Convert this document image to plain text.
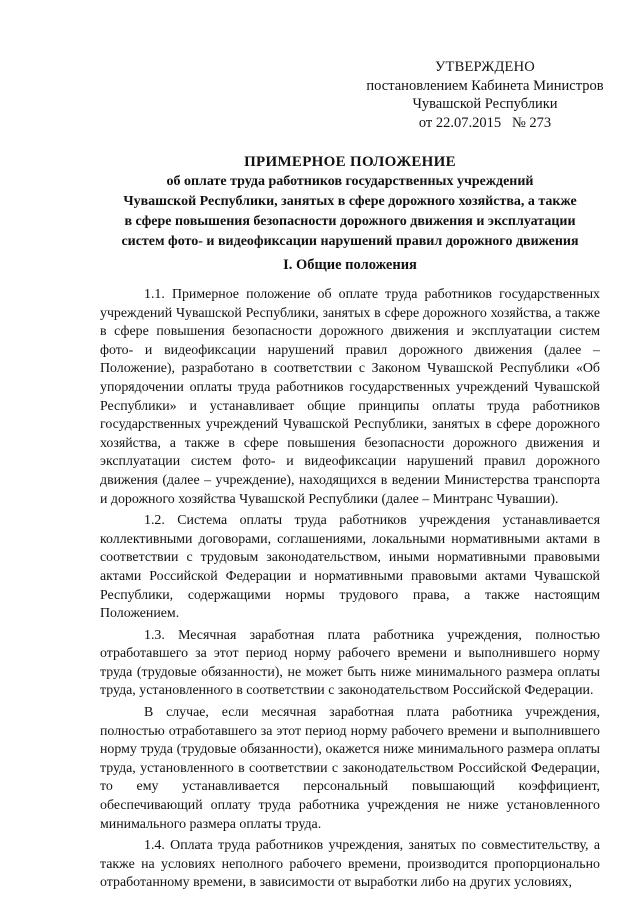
УТВЕРЖДЕНО
постановлением Кабинета Министров
Чувашской Республики
от 22.07.2015   № 273
ПРИМЕРНОЕ ПОЛОЖЕНИЕ
об оплате труда работников государственных учреждений
Чувашской Республики, занятых в сфере дорожного хозяйства, а также
в сфере повышения безопасности дорожного движения и эксплуатации
систем фото- и видеофиксации нарушений правил дорожного движения
I. Общие положения

1.1. Примерное положение об оплате труда работников государственных учреждений Чувашской Республики, занятых в сфере дорожного хозяйства, а также в сфере повышения безопасности дорожного движения и эксплуатации систем фото- и видеофиксации нарушений правил дорожного движения (далее – Положение), разработано в соответствии с Законом Чувашской Республики «Об упорядочении оплаты труда работников государственных учреждений Чувашской Республики» и устанавливает общие принципы оплаты труда работников государственных учреждений Чувашской Республики, занятых в сфере дорожного хозяйства, а также в сфере повышения безопасности дорожного движения и эксплуатации систем фото- и видеофиксации нарушений правил дорожного движения (далее – учреждение), находящихся в ведении Министерства транспорта и дорожного хозяйства Чувашской Республики (далее – Минтранс Чувашии).

1.2. Система оплаты труда работников учреждения устанавливается коллективными договорами, соглашениями, локальными нормативными актами в соответствии с трудовым законодательством, иными нормативными правовыми актами Российской Федерации и нормативными правовыми актами Чувашской Республики, содержащими нормы трудового права, а также настоящим Положением.

1.3. Месячная заработная плата работника учреждения, полностью отработавшего за этот период норму рабочего времени и выполнившего норму труда (трудовые обязанности), не может быть ниже минимального размера оплаты труда, установленного в соответствии с законодательством Российской Федерации.

В случае, если месячная заработная плата работника учреждения, полностью отработавшего за этот период норму рабочего времени и выполнившего норму труда (трудовые обязанности), окажется ниже минимального размера оплаты труда, установленного в соответствии с законодательством Российской Федерации, то ему устанавливается персональный повышающий коэффициент, обеспечивающий оплату труда работника учреждения не ниже установленного минимального размера оплаты труда.

1.4. Оплата труда работников учреждения, занятых по совместительству, а также на условиях неполного рабочего времени, производится пропорционально отработанному времени, в зависимости от выработки либо на других условиях,
